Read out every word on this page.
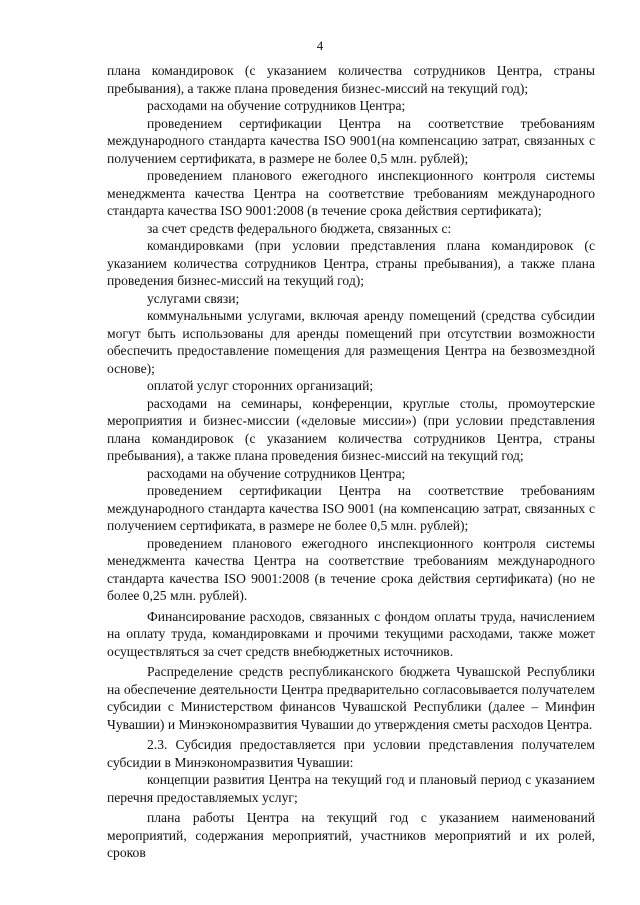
4

плана командировок (с указанием количества сотрудников Центра, страны пребывания), а также плана проведения бизнес-миссий на текущий год);

расходами на обучение сотрудников Центра;

проведением сертификации Центра на соответствие требованиям международного стандарта качества ISO 9001(на компенсацию затрат, связанных с получением сертификата, в размере не более 0,5 млн. рублей);

проведением планового ежегодного инспекционного контроля системы менеджмента качества Центра на соответствие требованиям международного стандарта качества ISO 9001:2008 (в течение срока действия сертификата);

за счет средств федерального бюджета, связанных с:

командировками (при условии представления плана командировок (с указанием количества сотрудников Центра, страны пребывания), а также плана проведения бизнес-миссий на текущий год);

услугами связи;

коммунальными услугами, включая аренду помещений (средства субсидии могут быть использованы для аренды помещений при отсутствии возможности обеспечить предоставление помещения для размещения Центра на безвозмездной основе);

оплатой услуг сторонних организаций;

расходами на семинары, конференции, круглые столы, промоутерские мероприятия и бизнес-миссии («деловые миссии») (при условии представления плана командировок (с указанием количества сотрудников Центра, страны пребывания), а также плана проведения бизнес-миссий на текущий год;

расходами на обучение сотрудников Центра;

проведением сертификации Центра на соответствие требованиям международного стандарта качества ISO 9001 (на компенсацию затрат, связанных с получением сертификата, в размере не более 0,5 млн. рублей);

проведением планового ежегодного инспекционного контроля системы менеджмента качества Центра на соответствие требованиям международного стандарта качества ISO 9001:2008 (в течение срока действия сертификата) (но не более 0,25 млн. рублей).

Финансирование расходов, связанных с фондом оплаты труда, начислением на оплату труда, командировками и прочими текущими расходами, также может осуществляться за счет средств внебюджетных источников.

Распределение средств республиканского бюджета Чувашской Республики на обеспечение деятельности Центра предварительно согласовывается получателем субсидии с Министерством финансов Чувашской Республики (далее – Минфин Чувашии) и Минэкономразвития Чувашии до утверждения сметы расходов Центра.

2.3. Субсидия предоставляется при условии представления получателем субсидии в Минэкономразвития Чувашии:

концепции развития Центра на текущий год и плановый период с указанием перечня предоставляемых услуг;

плана работы Центра на текущий год с указанием наименований мероприятий, содержания мероприятий, участников мероприятий и их ролей, сроков
